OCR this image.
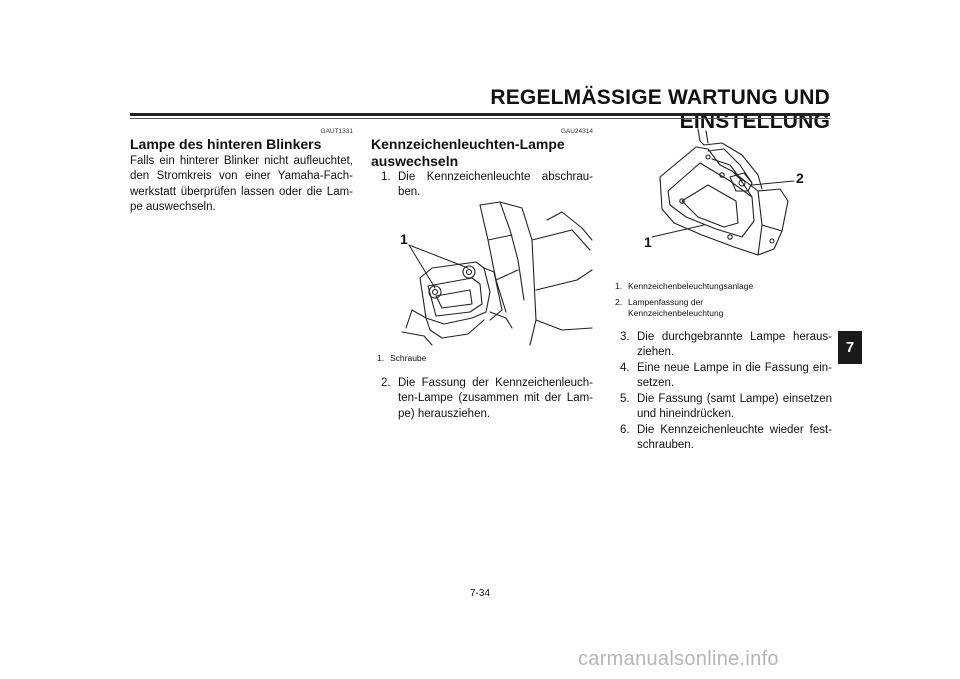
REGELMÄSSIGE WARTUNG UND EINSTELLUNG
GAUT1331
Lampe des hinteren Blinkers
Falls ein hinterer Blinker nicht aufleuchtet,
den Stromkreis von einer Yamaha-Fach-
werkstatt überprüfen lassen oder die Lam-
pe auswechseln.
GAU24314
Kennzeichenleuchten-Lampe
auswechseln
1. Die Kennzeichenleuchte abschrau-
ben.
1
1. Schraube
2. Die Fassung der Kennzeichenleuch-
ten-Lampe (zusammen mit der Lam-
pe) herausziehen.
1
2
1. Kennzeichenbeleuchtungsanlage
2. Lampenfassung der
Kennzeichenbeleuchtung
3. Die durchgebrannte Lampe heraus-
ziehen.
4. Eine neue Lampe in die Fassung ein-
setzen.
5. Die Fassung (samt Lampe) einsetzen
und hineindrücken.
6. Die Kennzeichenleuchte wieder fest-
schrauben.
7
7-34
carmanualsonline.info
